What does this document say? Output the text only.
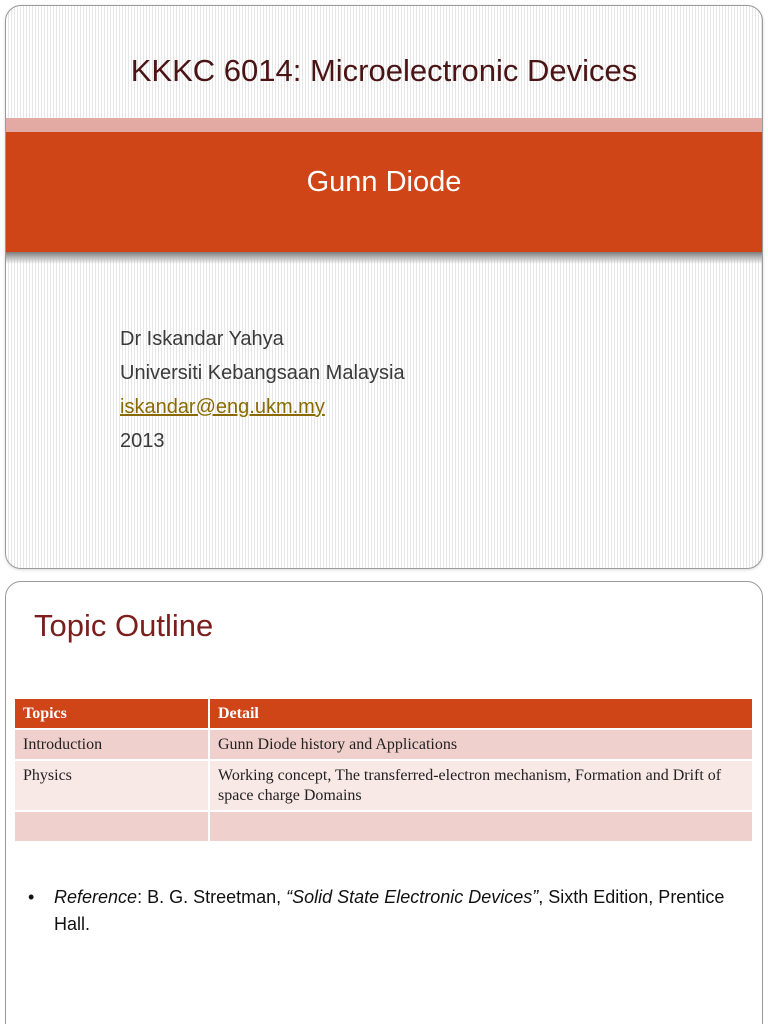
KKKC 6014: Microelectronic Devices
Gunn Diode
Dr Iskandar Yahya
Universiti Kebangsaan Malaysia
iskandar@eng.ukm.my
2013
Topic Outline
Topics	Detail
Introduction	Gunn Diode history and Applications
Physics	Working concept, The transferred-electron mechanism, Formation and Drift of space charge Domains

• Reference: B. G. Streetman, “Solid State Electronic Devices”, Sixth Edition, Prentice Hall.
